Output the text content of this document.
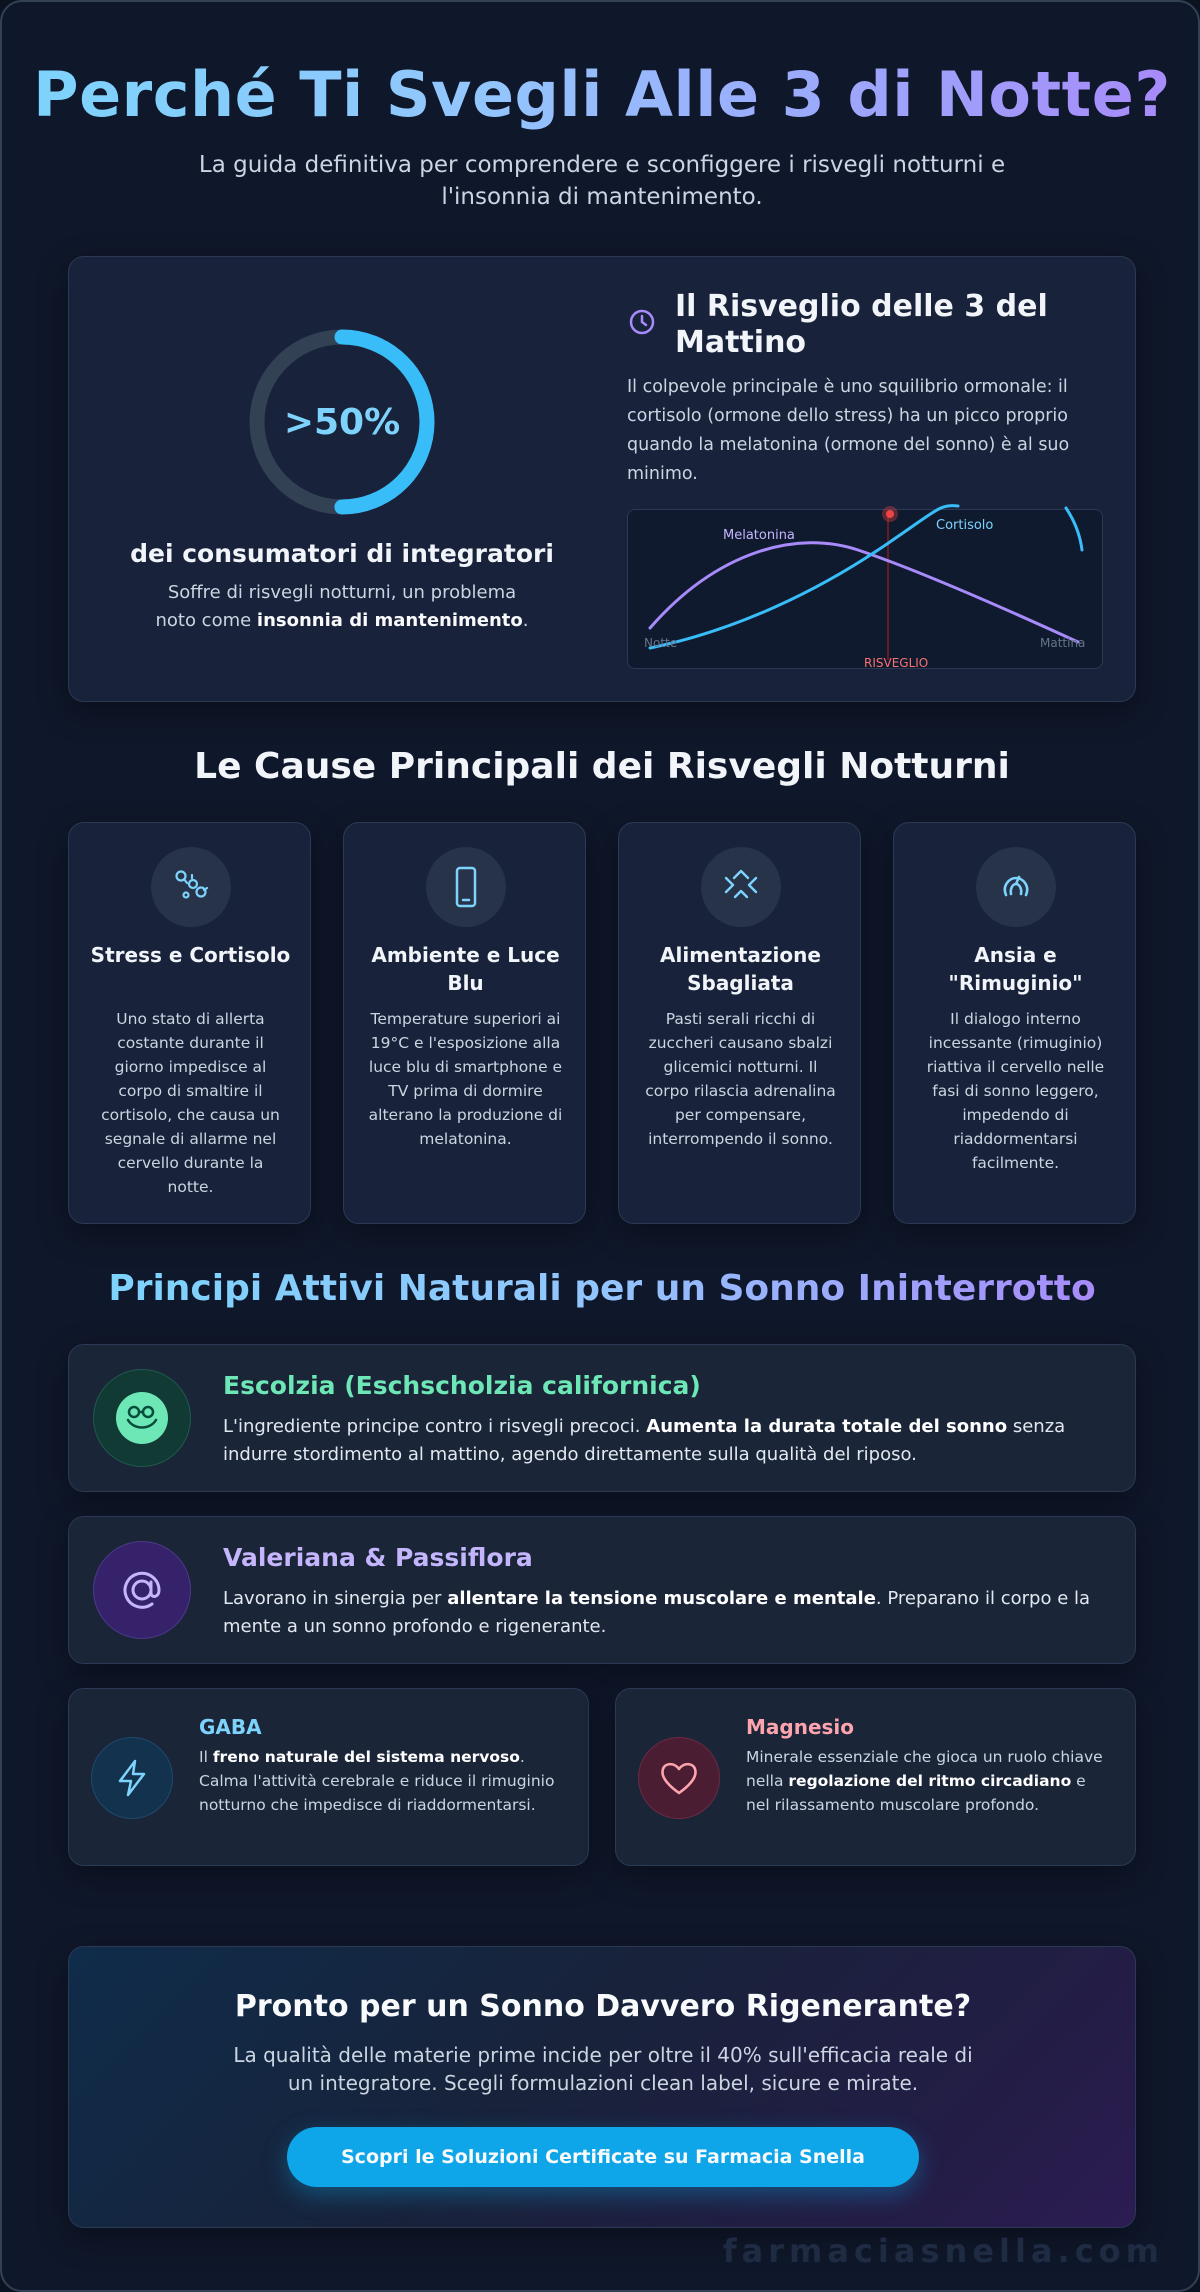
Perché Ti Svegli Alle 3 di Notte?

La guida definitiva per comprendere e sconfiggere i risvegli notturni e l'insonnia di mantenimento.

>50%
dei consumatori di integratori
Soffre di risvegli notturni, un problema noto come insonnia di mantenimento.
Il Risveglio delle 3 del Mattino

Il colpevole principale è uno squilibrio ormonale: il cortisolo (ormone dello stress) ha un picco proprio quando la melatonina (ormone del sonno) è al suo minimo.

Melatonina
Cortisolo
Notte	Mattina
RISVEGLIO
Le Cause Principali dei Risvegli Notturni
Stress e Cortisolo

Uno stato di allerta costante durante il giorno impedisce al corpo di smaltire il cortisolo, che causa un segnale di allarme nel cervello durante la notte.

Ambiente e Luce Blu

Temperature superiori ai 19°C e l'esposizione alla luce blu di smartphone e TV prima di dormire alterano la produzione di melatonina.

Alimentazione Sbagliata

Pasti serali ricchi di zuccheri causano sbalzi glicemici notturni. Il corpo rilascia adrenalina per compensare, interrompendo il sonno.

Ansia e "Rimuginio"

Il dialogo interno incessante (rimuginio) riattiva il cervello nelle fasi di sonno leggero, impedendo di riaddormentarsi facilmente.

Principi Attivi Naturali per un Sonno Ininterrotto
Escolzia (Eschscholzia californica)

L'ingrediente principe contro i risvegli precoci. Aumenta la durata totale del sonno senza indurre stordimento al mattino, agendo direttamente sulla qualità del riposo.

Valeriana & Passiflora

Lavorano in sinergia per allentare la tensione muscolare e mentale. Preparano il corpo e la mente a un sonno profondo e rigenerante.

GABA

Il freno naturale del sistema nervoso. Calma l'attività cerebrale e riduce il rimuginio notturno che impedisce di riaddormentarsi.

Magnesio

Minerale essenziale che gioca un ruolo chiave nella regolazione del ritmo circadiano e nel rilassamento muscolare profondo.

Pronto per un Sonno Davvero Rigenerante?

La qualità delle materie prime incide per oltre il 40% sull'efficacia reale di un integratore. Scegli formulazioni clean label, sicure e mirate.

Scopri le Soluzioni Certificate su Farmacia Snella
farmaciasnella.com
